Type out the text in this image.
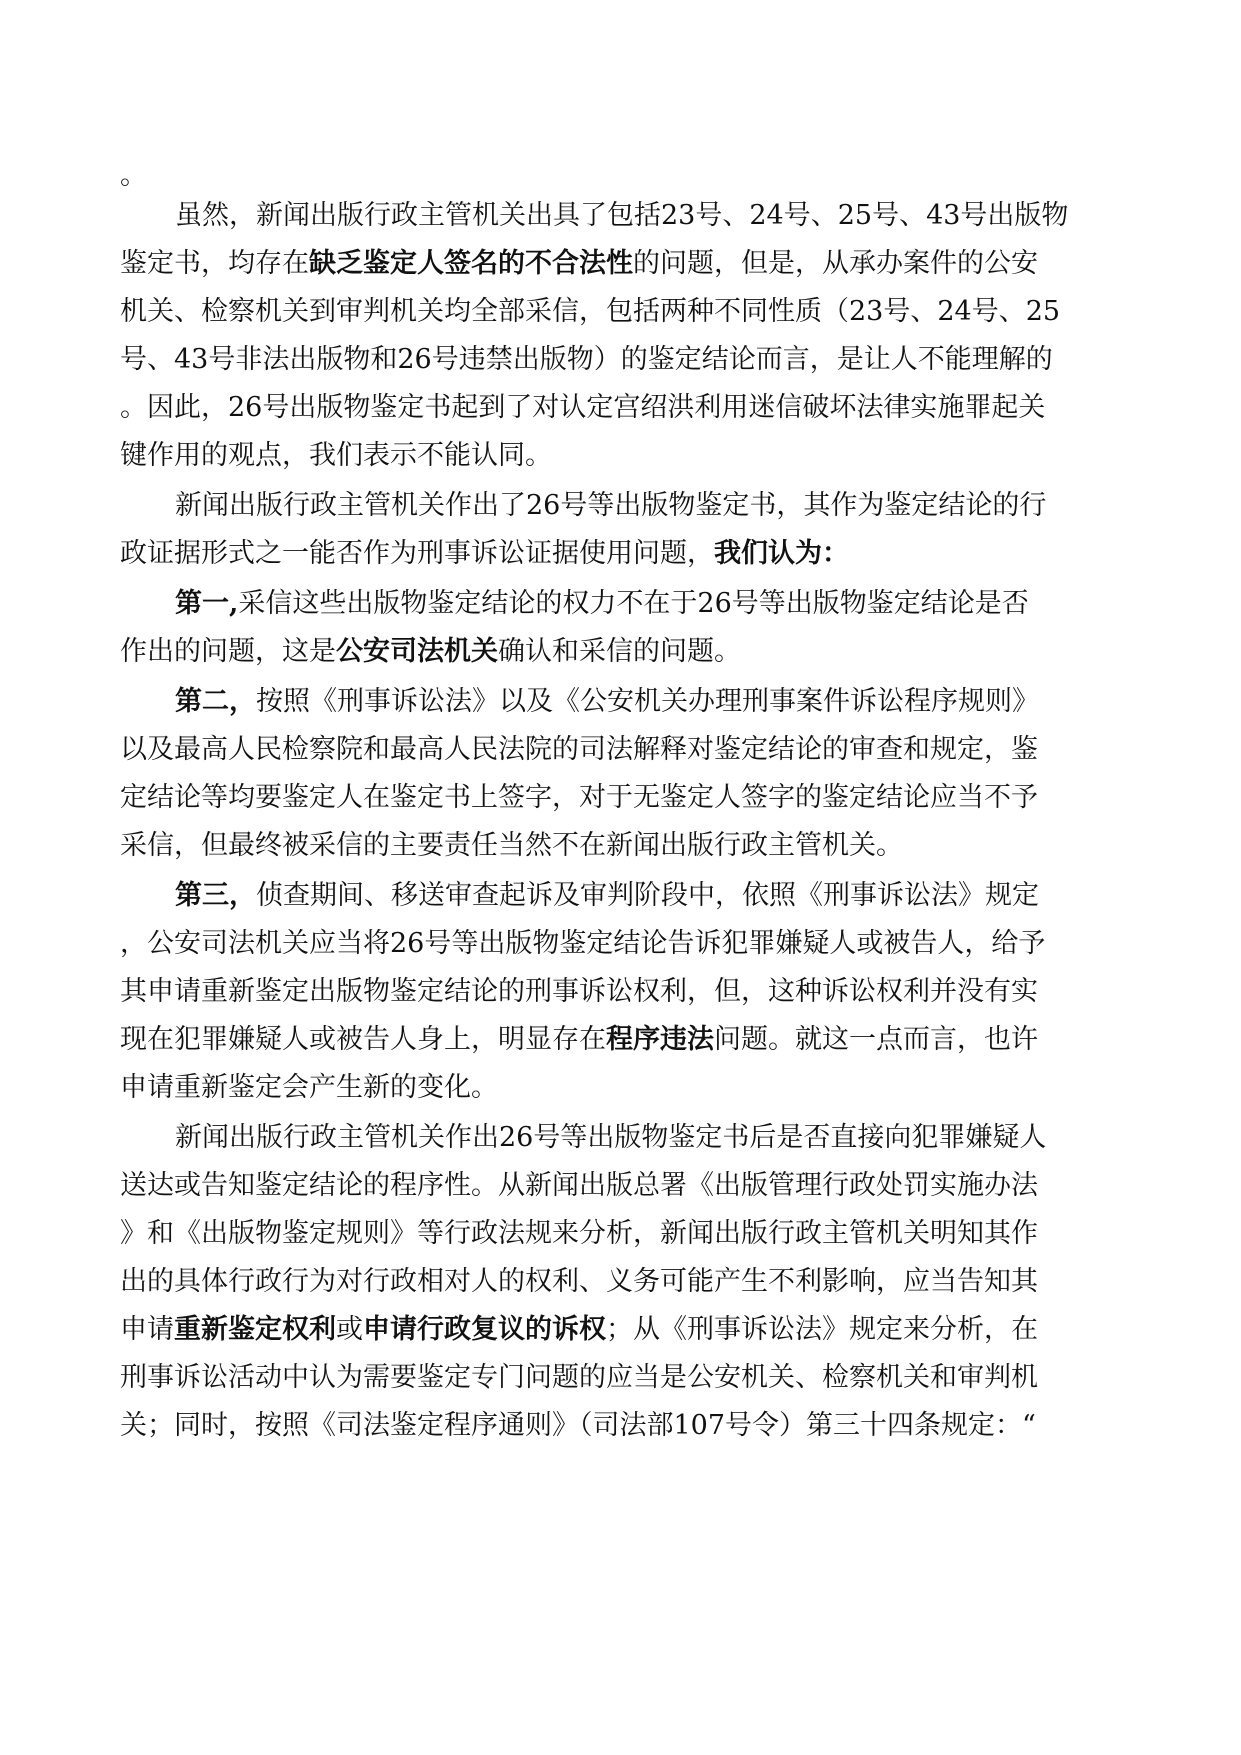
。
虽然，新闻出版行政主管机关出具了包括23号、24号、25号、43号出版物
鉴定书，均存在缺乏鉴定人签名的不合法性的问题，但是，从承办案件的公安
机关、检察机关到审判机关均全部采信，包括两种不同性质（23号、24号、25
号、43号非法出版物和26号违禁出版物）的鉴定结论而言，是让人不能理解的
。因此，26号出版物鉴定书起到了对认定宫绍洪利用迷信破坏法律实施罪起关
键作用的观点，我们表示不能认同。
新闻出版行政主管机关作出了26号等出版物鉴定书，其作为鉴定结论的行
政证据形式之一能否作为刑事诉讼证据使用问题，我们认为：
第一,采信这些出版物鉴定结论的权力不在于26号等出版物鉴定结论是否
作出的问题，这是公安司法机关确认和采信的问题。
第二，按照《刑事诉讼法》以及《公安机关办理刑事案件诉讼程序规则》
以及最高人民检察院和最高人民法院的司法解释对鉴定结论的审查和规定，鉴
定结论等均要鉴定人在鉴定书上签字，对于无鉴定人签字的鉴定结论应当不予
采信，但最终被采信的主要责任当然不在新闻出版行政主管机关。
第三，侦查期间、移送审查起诉及审判阶段中，依照《刑事诉讼法》规定
，公安司法机关应当将26号等出版物鉴定结论告诉犯罪嫌疑人或被告人，给予
其申请重新鉴定出版物鉴定结论的刑事诉讼权利，但，这种诉讼权利并没有实
现在犯罪嫌疑人或被告人身上，明显存在程序违法问题。就这一点而言，也许
申请重新鉴定会产生新的变化。
新闻出版行政主管机关作出26号等出版物鉴定书后是否直接向犯罪嫌疑人
送达或告知鉴定结论的程序性。从新闻出版总署《出版管理行政处罚实施办法
》和《出版物鉴定规则》等行政法规来分析，新闻出版行政主管机关明知其作
出的具体行政行为对行政相对人的权利、义务可能产生不利影响，应当告知其
申请重新鉴定权利或申请行政复议的诉权；从《刑事诉讼法》规定来分析，在
刑事诉讼活动中认为需要鉴定专门问题的应当是公安机关、检察机关和审判机
关；同时，按照《司法鉴定程序通则》（司法部107号令）第三十四条规定：“
